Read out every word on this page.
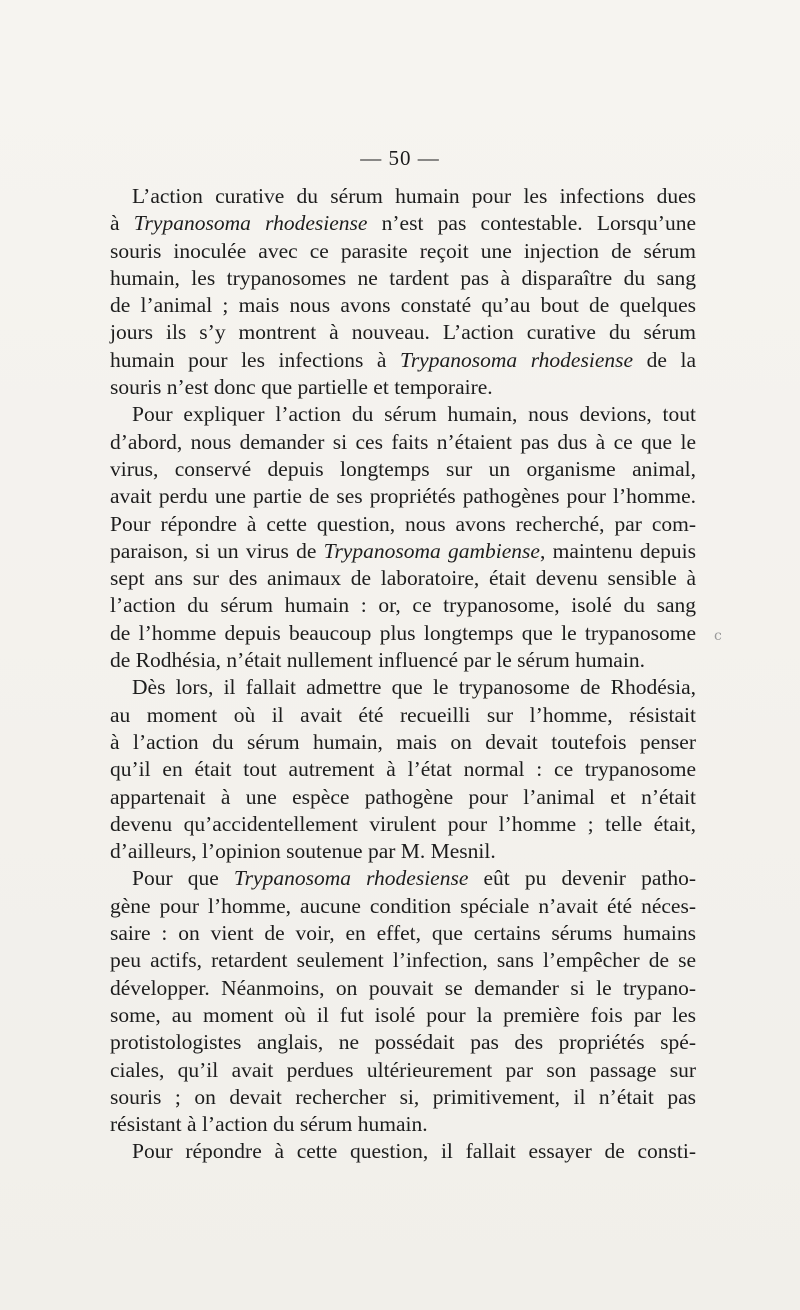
— 50 —
L’action curative du sérum humain pour les infections dues
à Trypanosoma rhodesiense n’est pas contestable. Lorsqu’une
souris inoculée avec ce parasite reçoit une injection de sérum
humain, les trypanosomes ne tardent pas à disparaître du sang
de l’animal ; mais nous avons constaté qu’au bout de quelques
jours ils s’y montrent à nouveau. L’action curative du sérum
humain pour les infections à Trypanosoma rhodesiense de la
souris n’est donc que partielle et temporaire.
Pour expliquer l’action du sérum humain, nous devions, tout
d’abord, nous demander si ces faits n’étaient pas dus à ce que le
virus, conservé depuis longtemps sur un organisme animal,
avait perdu une partie de ses propriétés pathogènes pour l’homme.
Pour répondre à cette question, nous avons recherché, par com-
paraison, si un virus de Trypanosoma gambiense, maintenu depuis
sept ans sur des animaux de laboratoire, était devenu sensible à
l’action du sérum humain : or, ce trypanosome, isolé du sang
de l’homme depuis beaucoup plus longtemps que le trypanosome
de Rodhésia, n’était nullement influencé par le sérum humain.
Dès lors, il fallait admettre que le trypanosome de Rhodésia,
au moment où il avait été recueilli sur l’homme, résistait
à l’action du sérum humain, mais on devait toutefois penser
qu’il en était tout autrement à l’état normal : ce trypanosome
appartenait à une espèce pathogène pour l’animal et n’était
devenu qu’accidentellement virulent pour l’homme ; telle était,
d’ailleurs, l’opinion soutenue par M. Mesnil.
Pour que Trypanosoma rhodesiense eût pu devenir patho-
gène pour l’homme, aucune condition spéciale n’avait été néces-
saire : on vient de voir, en effet, que certains sérums humains
peu actifs, retardent seulement l’infection, sans l’empêcher de se
développer. Néanmoins, on pouvait se demander si le trypano-
some, au moment où il fut isolé pour la première fois par les
protistologistes anglais, ne possédait pas des propriétés spé-
ciales, qu’il avait perdues ultérieurement par son passage sur
souris ; on devait rechercher si, primitivement, il n’était pas
résistant à l’action du sérum humain.
Pour répondre à cette question, il fallait essayer de consti-
ⅽ
